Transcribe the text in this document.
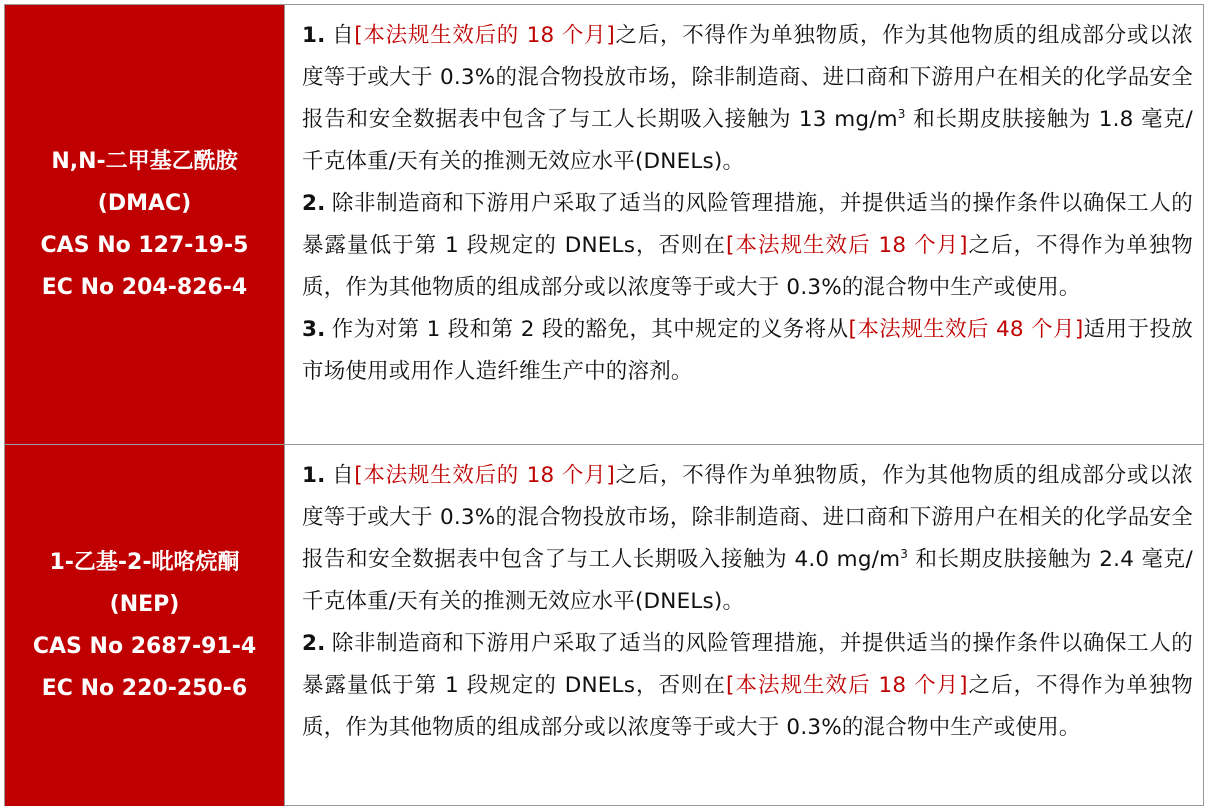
N,N-二甲基乙酰胺
(DMAC)
CAS No 127-19-5
EC No 204-826-4

1. 自[本法规生效后的 18 个月]之后，不得作为单独物质，作为其他物质的组成部分或以浓度等于或大于 0.3%的混合物投放市场，除非制造商、进口商和下游用户在相关的化学品安全报告和安全数据表中包含了与工人长期吸入接触为 13 $mg/m^3$ 和长期皮肤接触为 1.8 毫克/千克体重/天有关的推测无效应水平(DNELs)。

2. 除非制造商和下游用户采取了适当的风险管理措施，并提供适当的操作条件以确保工人的暴露量低于第 1 段规定的 DNELs，否则在[本法规生效后 18 个月]之后，不得作为单独物质，作为其他物质的组成部分或以浓度等于或大于 0.3%的混合物中生产或使用。

3. 作为对第 1 段和第 2 段的豁免，其中规定的义务将从[本法规生效后 48 个月]适用于投放市场使用或用作人造纤维生产中的溶剂。

1-乙基-2-吡咯烷酮
(NEP)
CAS No 2687-91-4
EC No 220-250-6

1. 自[本法规生效后的 18 个月]之后，不得作为单独物质，作为其他物质的组成部分或以浓度等于或大于 0.3%的混合物投放市场，除非制造商、进口商和下游用户在相关的化学品安全报告和安全数据表中包含了与工人长期吸入接触为 4.0 $mg/m^3$ 和长期皮肤接触为 2.4 毫克/千克体重/天有关的推测无效应水平(DNELs)。

2. 除非制造商和下游用户采取了适当的风险管理措施，并提供适当的操作条件以确保工人的暴露量低于第 1 段规定的 DNELs，否则在[本法规生效后 18 个月]之后，不得作为单独物质，作为其他物质的组成部分或以浓度等于或大于 0.3%的混合物中生产或使用。
